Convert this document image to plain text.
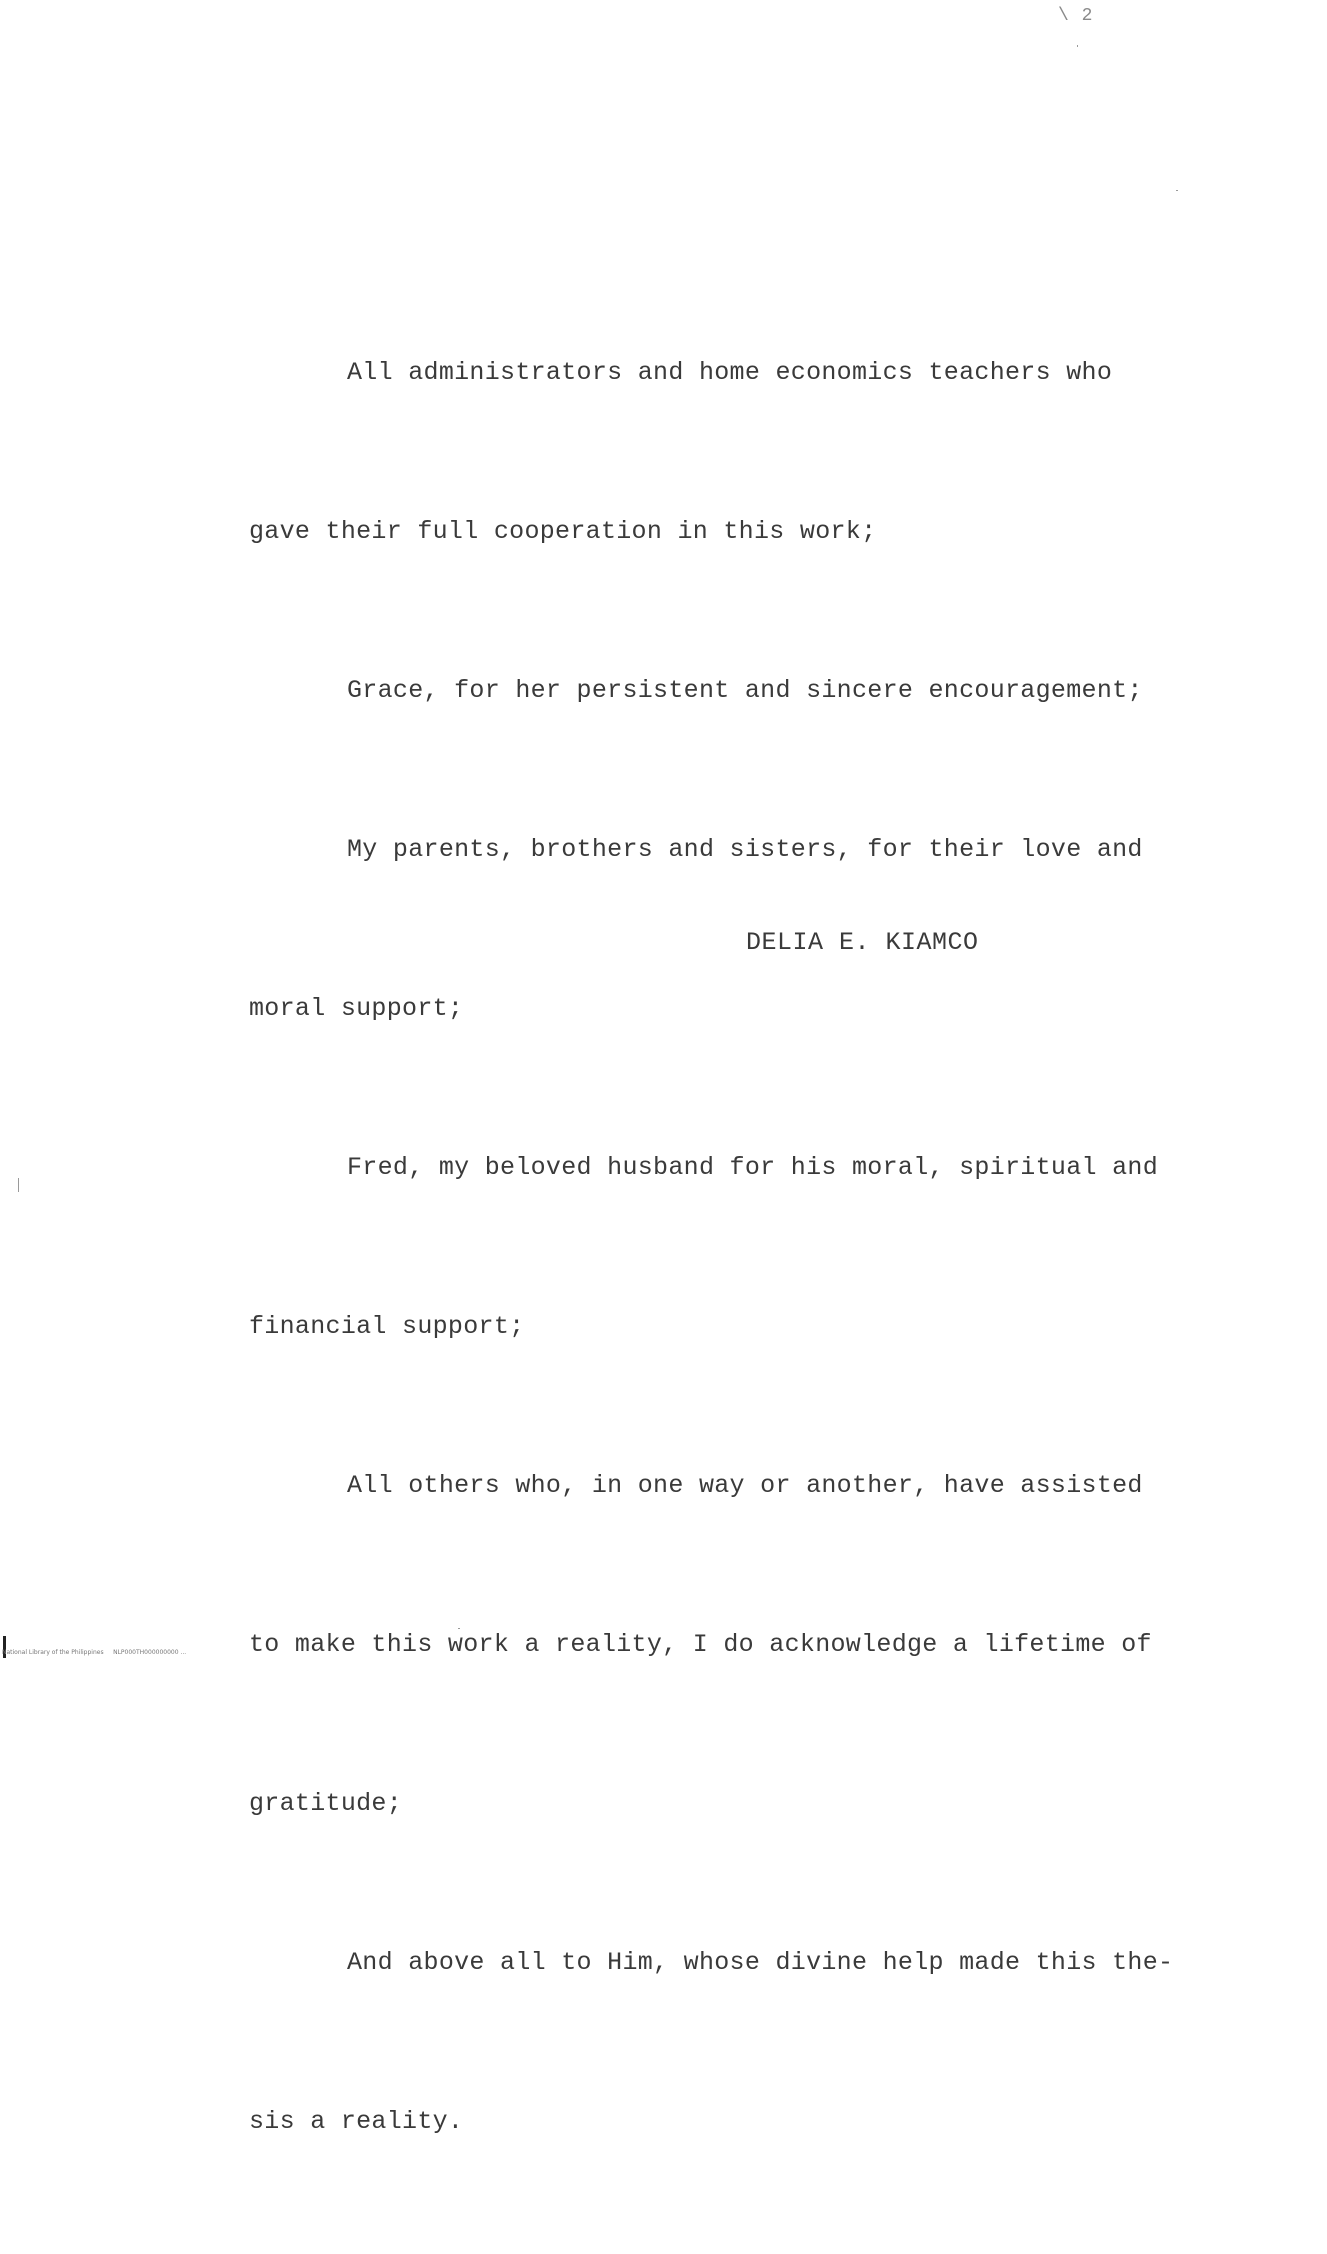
\ 2

All administrators and home economics teachers who

gave their full cooperation in this work;

Grace, for her persistent and sincere encouragement;

My parents, brothers and sisters, for their love and

moral support;

Fred, my beloved husband for his moral, spiritual and

financial support;

All others who, in one way or another, have assisted

to make this work a reality, I do acknowledge a lifetime of

gratitude;

And above all to Him, whose divine help made this the-

sis a reality.

DELIA E. KIAMCO
National Library of the Philippines     NLP000TH000000000 ...
